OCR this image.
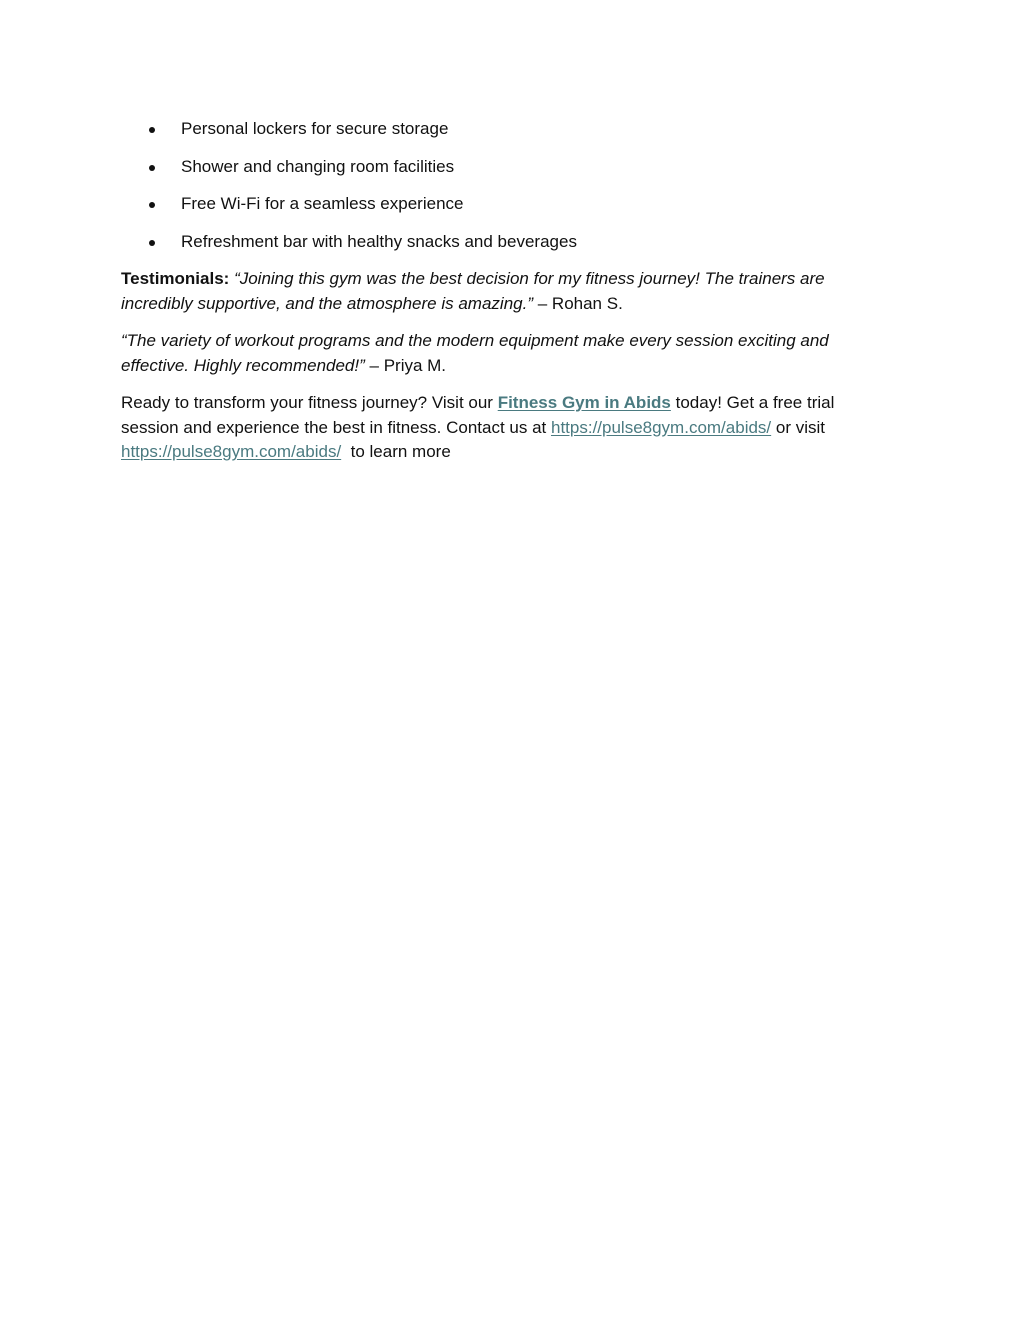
Personal lockers for secure storage
Shower and changing room facilities
Free Wi-Fi for a seamless experience
Refreshment bar with healthy snacks and beverages

Testimonials: “Joining this gym was the best decision for my fitness journey! The trainers are incredibly supportive, and the atmosphere is amazing.” – Rohan S.

“The variety of workout programs and the modern equipment make every session exciting and effective. Highly recommended!” – Priya M.

Ready to transform your fitness journey? Visit our Fitness Gym in Abids today! Get a free trial session and experience the best in fitness. Contact us at https://pulse8gym.com/abids/ or visit https://pulse8gym.com/abids/ to learn more
